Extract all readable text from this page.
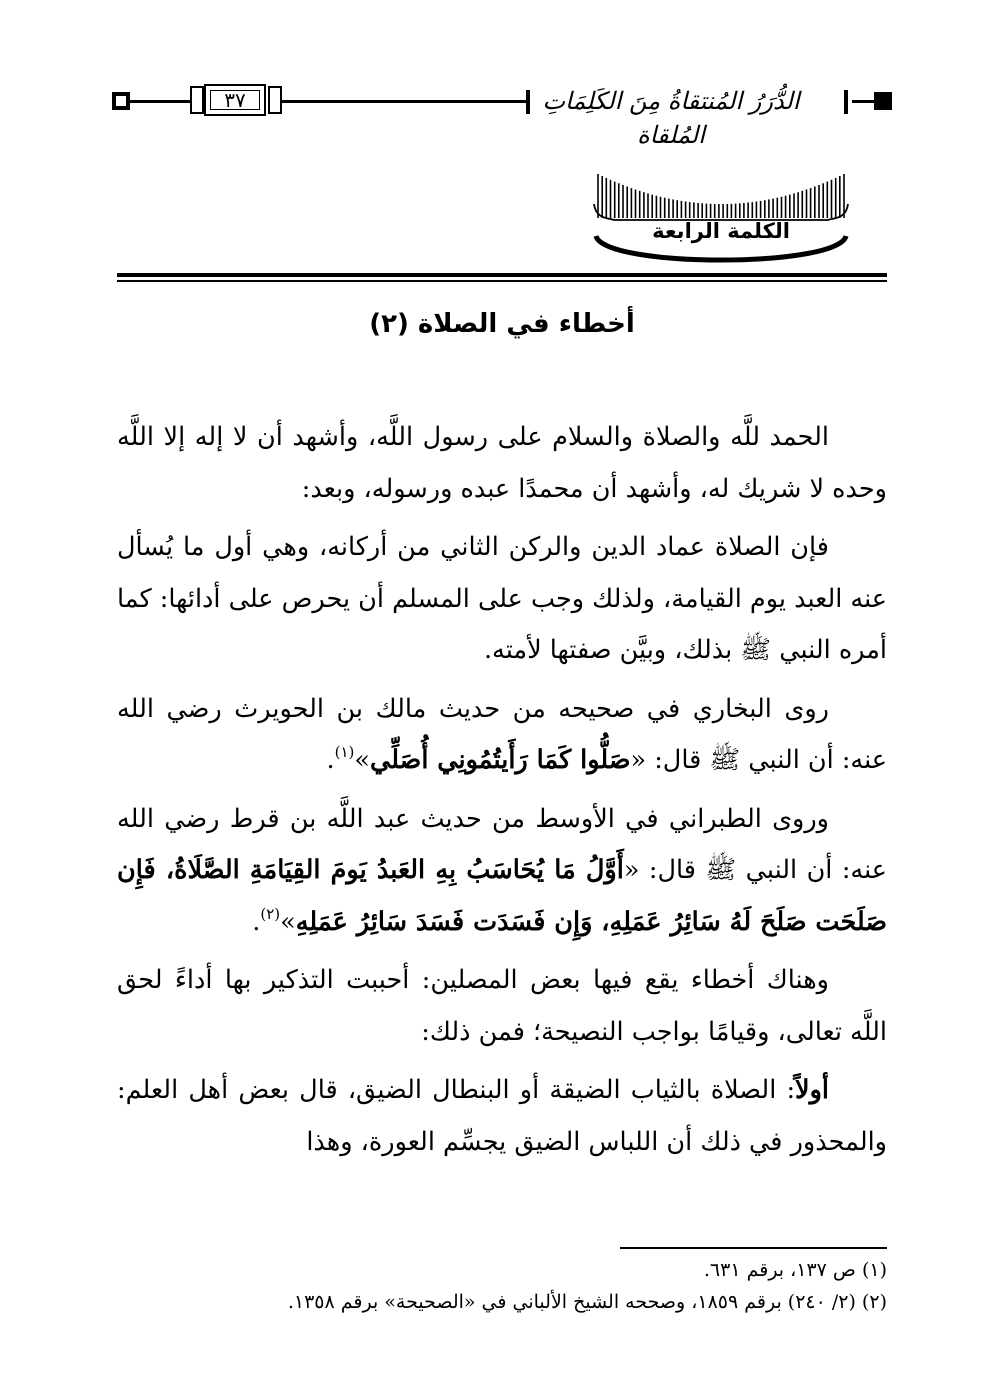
الدُّرَرُ المُنتقاةُ مِنَ الكَلِمَاتِ المُلقاة
٣٧
الكلمة الرابعة
أخطاء في الصلاة (٢)

الحمد للَّه والصلاة والسلام على رسول اللَّه، وأشهد أن لا إله إلا اللَّه وحده لا شريك له، وأشهد أن محمدًا عبده ورسوله، وبعد:

فإن الصلاة عماد الدين والركن الثاني من أركانه، وهي أول ما يُسأل عنه العبد يوم القيامة، ولذلك وجب على المسلم أن يحرص على أدائها: كما أمره النبي ﷺ بذلك، وبيَّن صفتها لأمته.

روى البخاري في صحيحه من حديث مالك بن الحويرث رضي الله عنه: أن النبي ﷺ قال: «صَلُّوا كَمَا رَأَيتُمُونِي أُصَلِّي»$^{(١)}$.

وروى الطبراني في الأوسط من حديث عبد اللَّه بن قرط رضي الله عنه: أن النبي ﷺ قال: «أَوَّلُ مَا يُحَاسَبُ بِهِ العَبدُ يَومَ القِيَامَةِ الصَّلَاةُ، فَإِن صَلَحَت صَلَحَ لَهُ سَائِرُ عَمَلِهِ، وَإِن فَسَدَت فَسَدَ سَائِرُ عَمَلِهِ»$^{(٢)}$.

وهناك أخطاء يقع فيها بعض المصلين: أحببت التذكير بها أداءً لحق اللَّه تعالى، وقيامًا بواجب النصيحة؛ فمن ذلك:

أولاً: الصلاة بالثياب الضيقة أو البنطال الضيق، قال بعض أهل العلم: والمحذور في ذلك أن اللباس الضيق يجسِّم العورة، وهذا

(١) ص ١٣٧، برقم ٦٣١.
(٢) (٢/ ٢٤٠) برقم ١٨٥٩، وصححه الشيخ الألباني في «الصحيحة» برقم ١٣٥٨.
